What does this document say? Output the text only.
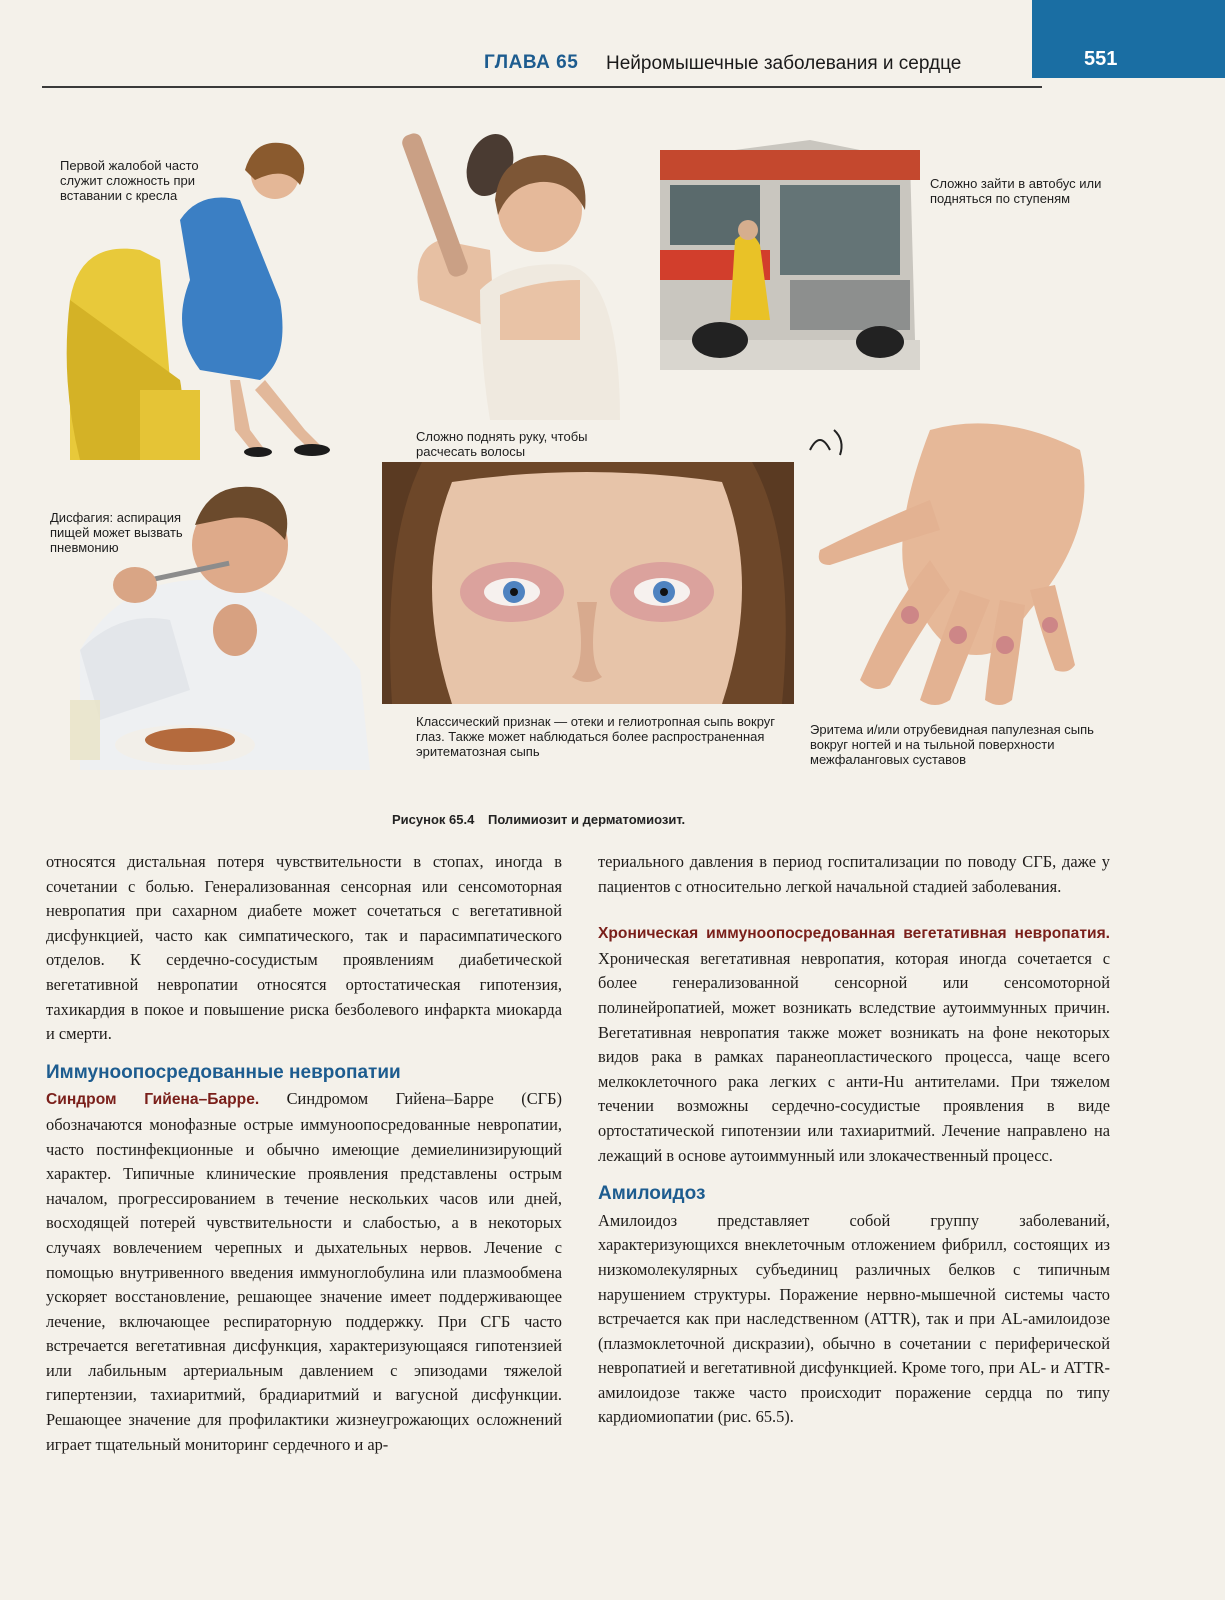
ГЛАВА 65 Нейромышечные заболевания и сердце	551
Первой жалобой часто служит сложность при вставании с кресла
Сложно поднять руку, чтобы расчесать волосы
Сложно зайти в автобус или подняться по ступеням
Дисфагия: аспирация пищей может вызвать пневмонию
Классический признак — отеки и гелиотропная сыпь вокруг глаз. Также может наблюдаться более распространенная эритематозная сыпь
Эритема и/или отрубевидная папулезная сыпь вокруг ногтей и на тыльной поверхности межфаланговых суставов
Рисунок 65.4 Полимиозит и дерматомиозит.

относятся дистальная потеря чувствительности в стопах, иногда в сочетании с болью. Генерализованная сенсорная или сенсомоторная невропатия при сахарном диабете может сочетаться с вегетативной дисфункцией, часто как симпатического, так и парасимпатического отделов. К сердечно-сосудистым проявлениям диабетической вегетативной невропатии относятся ортостатическая гипотензия, тахикардия в покое и повышение риска безболевого инфаркта миокарда и смерти.

Иммуноопосредованные невропатии

Синдром Гийена–Барре. Синдромом Гийена–Барре (СГБ) обозначаются монофазные острые иммуноопосредованные невропатии, часто постинфекционные и обычно имеющие демиелинизирующий характер. Типичные клинические проявления представлены острым началом, прогрессированием в течение нескольких часов или дней, восходящей потерей чувствительности и слабостью, а в некоторых случаях вовлечением черепных и дыхательных нервов. Лечение с помощью внутривенного введения иммуноглобулина или плазмообмена ускоряет восстановление, решающее значение имеет поддерживающее лечение, включающее респираторную поддержку. При СГБ часто встречается вегетативная дисфункция, характеризующаяся гипотензией или лабильным артериальным давлением с эпизодами тяжелой гипертензии, тахиаритмий, брадиаритмий и вагусной дисфункции. Решающее значение для профилактики жизнеугрожающих осложнений играет тщательный мониторинг сердечного и ар-

териального давления в период госпитализации по поводу СГБ, даже у пациентов с относительно легкой начальной стадией заболевания.

Хроническая иммуноопосредованная вегетативная невропатия. Хроническая вегетативная невропатия, которая иногда сочетается с более генерализованной сенсорной или сенсомоторной полинейропатией, может возникать вследствие аутоиммунных причин. Вегетативная невропатия также может возникать на фоне некоторых видов рака в рамках паранеопластического процесса, чаще всего мелкоклеточного рака легких с анти-Hu антителами. При тяжелом течении возможны сердечно-сосудистые проявления в виде ортостатической гипотензии или тахиаритмий. Лечение направлено на лежащий в основе аутоиммунный или злокачественный процесс.

Амилоидоз

Амилоидоз представляет собой группу заболеваний, характеризующихся внеклеточным отложением фибрилл, состоящих из низкомолекулярных субъединиц различных белков с типичным нарушением структуры. Поражение нервно-мышечной системы часто встречается как при наследственном (ATTR), так и при AL-амилоидозе (плазмоклеточной дискразии), обычно в сочетании с периферической невропатией и вегетативной дисфункцией. Кроме того, при AL- и ATTR-амилоидозе также часто происходит поражение сердца по типу кардиомиопатии (рис. 65.5).
